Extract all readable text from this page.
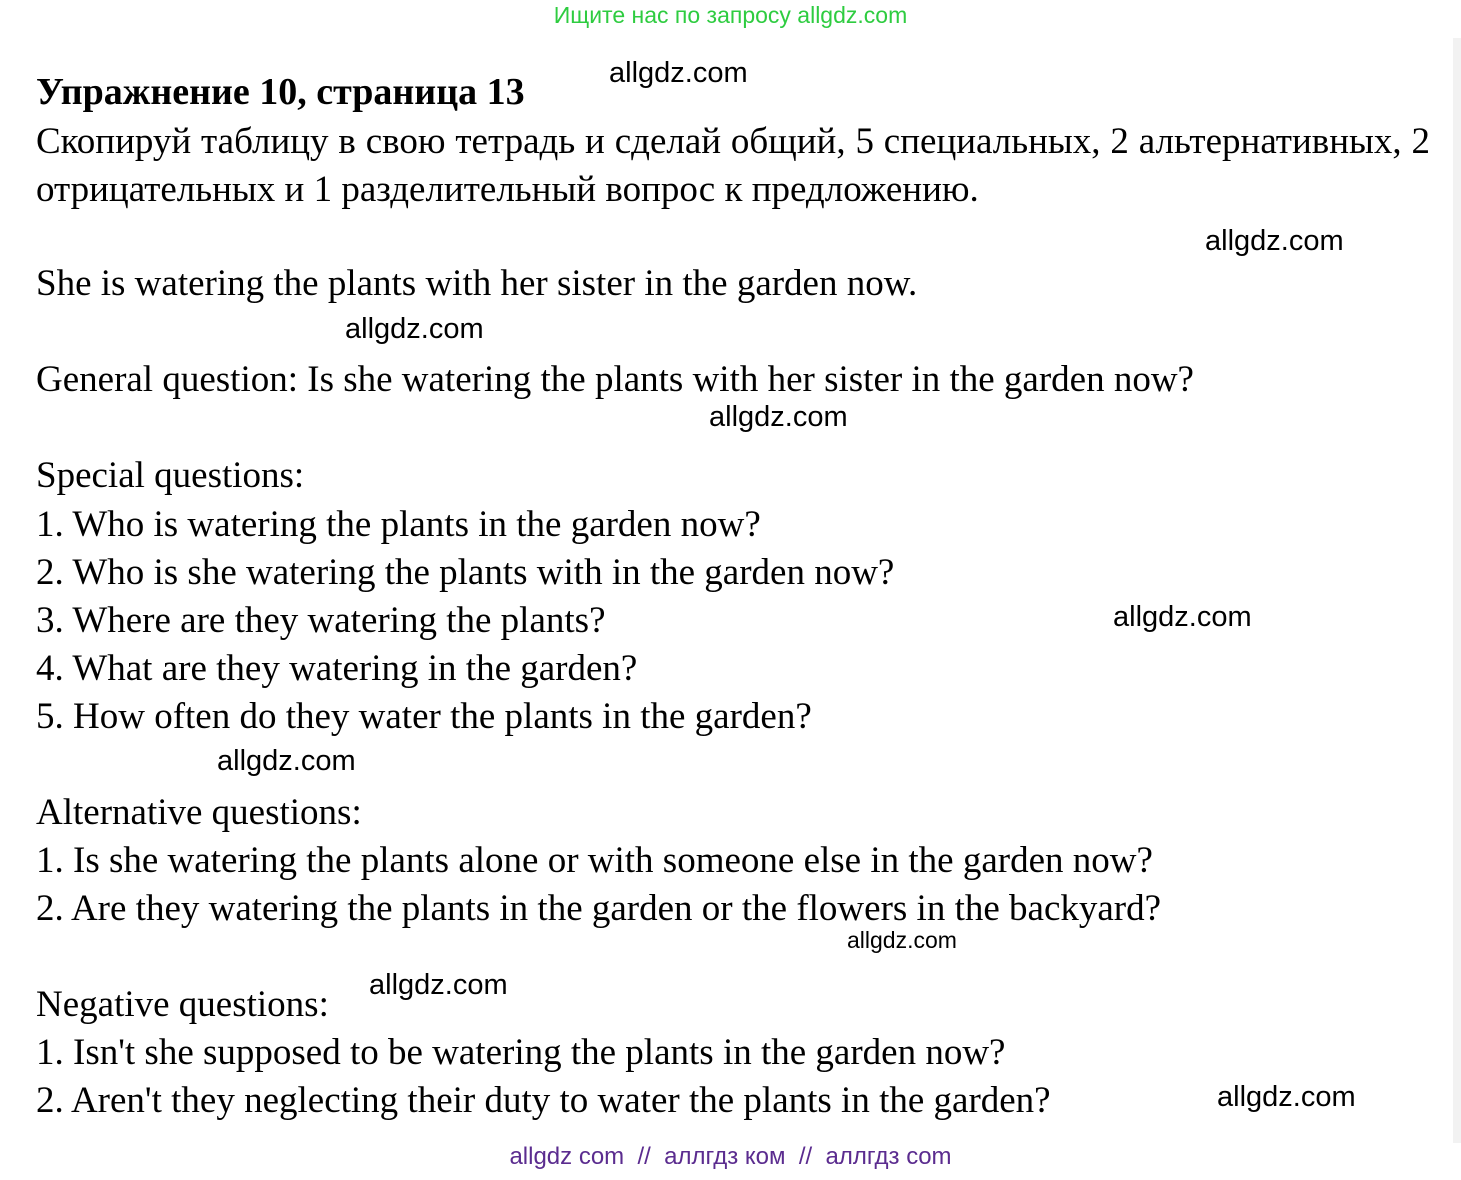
Ищите нас по запросу allgdz.com
Упражнение 10, страница 13
Скопируй таблицу в свою тетрадь и сделай общий, 5 специальных, 2 альтернативных, 2 отрицательных и 1 разделительный вопрос к предложению.
She is watering the plants with her sister in the garden now.
General question: Is she watering the plants with her sister in the garden now?
Special questions:
1. Who is watering the plants in the garden now?
2. Who is she watering the plants with in the garden now?
3. Where are they watering the plants?
4. What are they watering in the garden?
5. How often do they water the plants in the garden?
Alternative questions:
1. Is she watering the plants alone or with someone else in the garden now?
2. Are they watering the plants in the garden or the flowers in the backyard?
Negative questions:
1. Isn't she supposed to be watering the plants in the garden now?
2. Aren't they neglecting their duty to water the plants in the garden?
allgdz.com
allgdz.com
allgdz.com
allgdz.com
allgdz.com
allgdz.com
allgdz.com
allgdz.com
allgdz.com
allgdz com  //  аллгдз ком  //  аллгдз com
